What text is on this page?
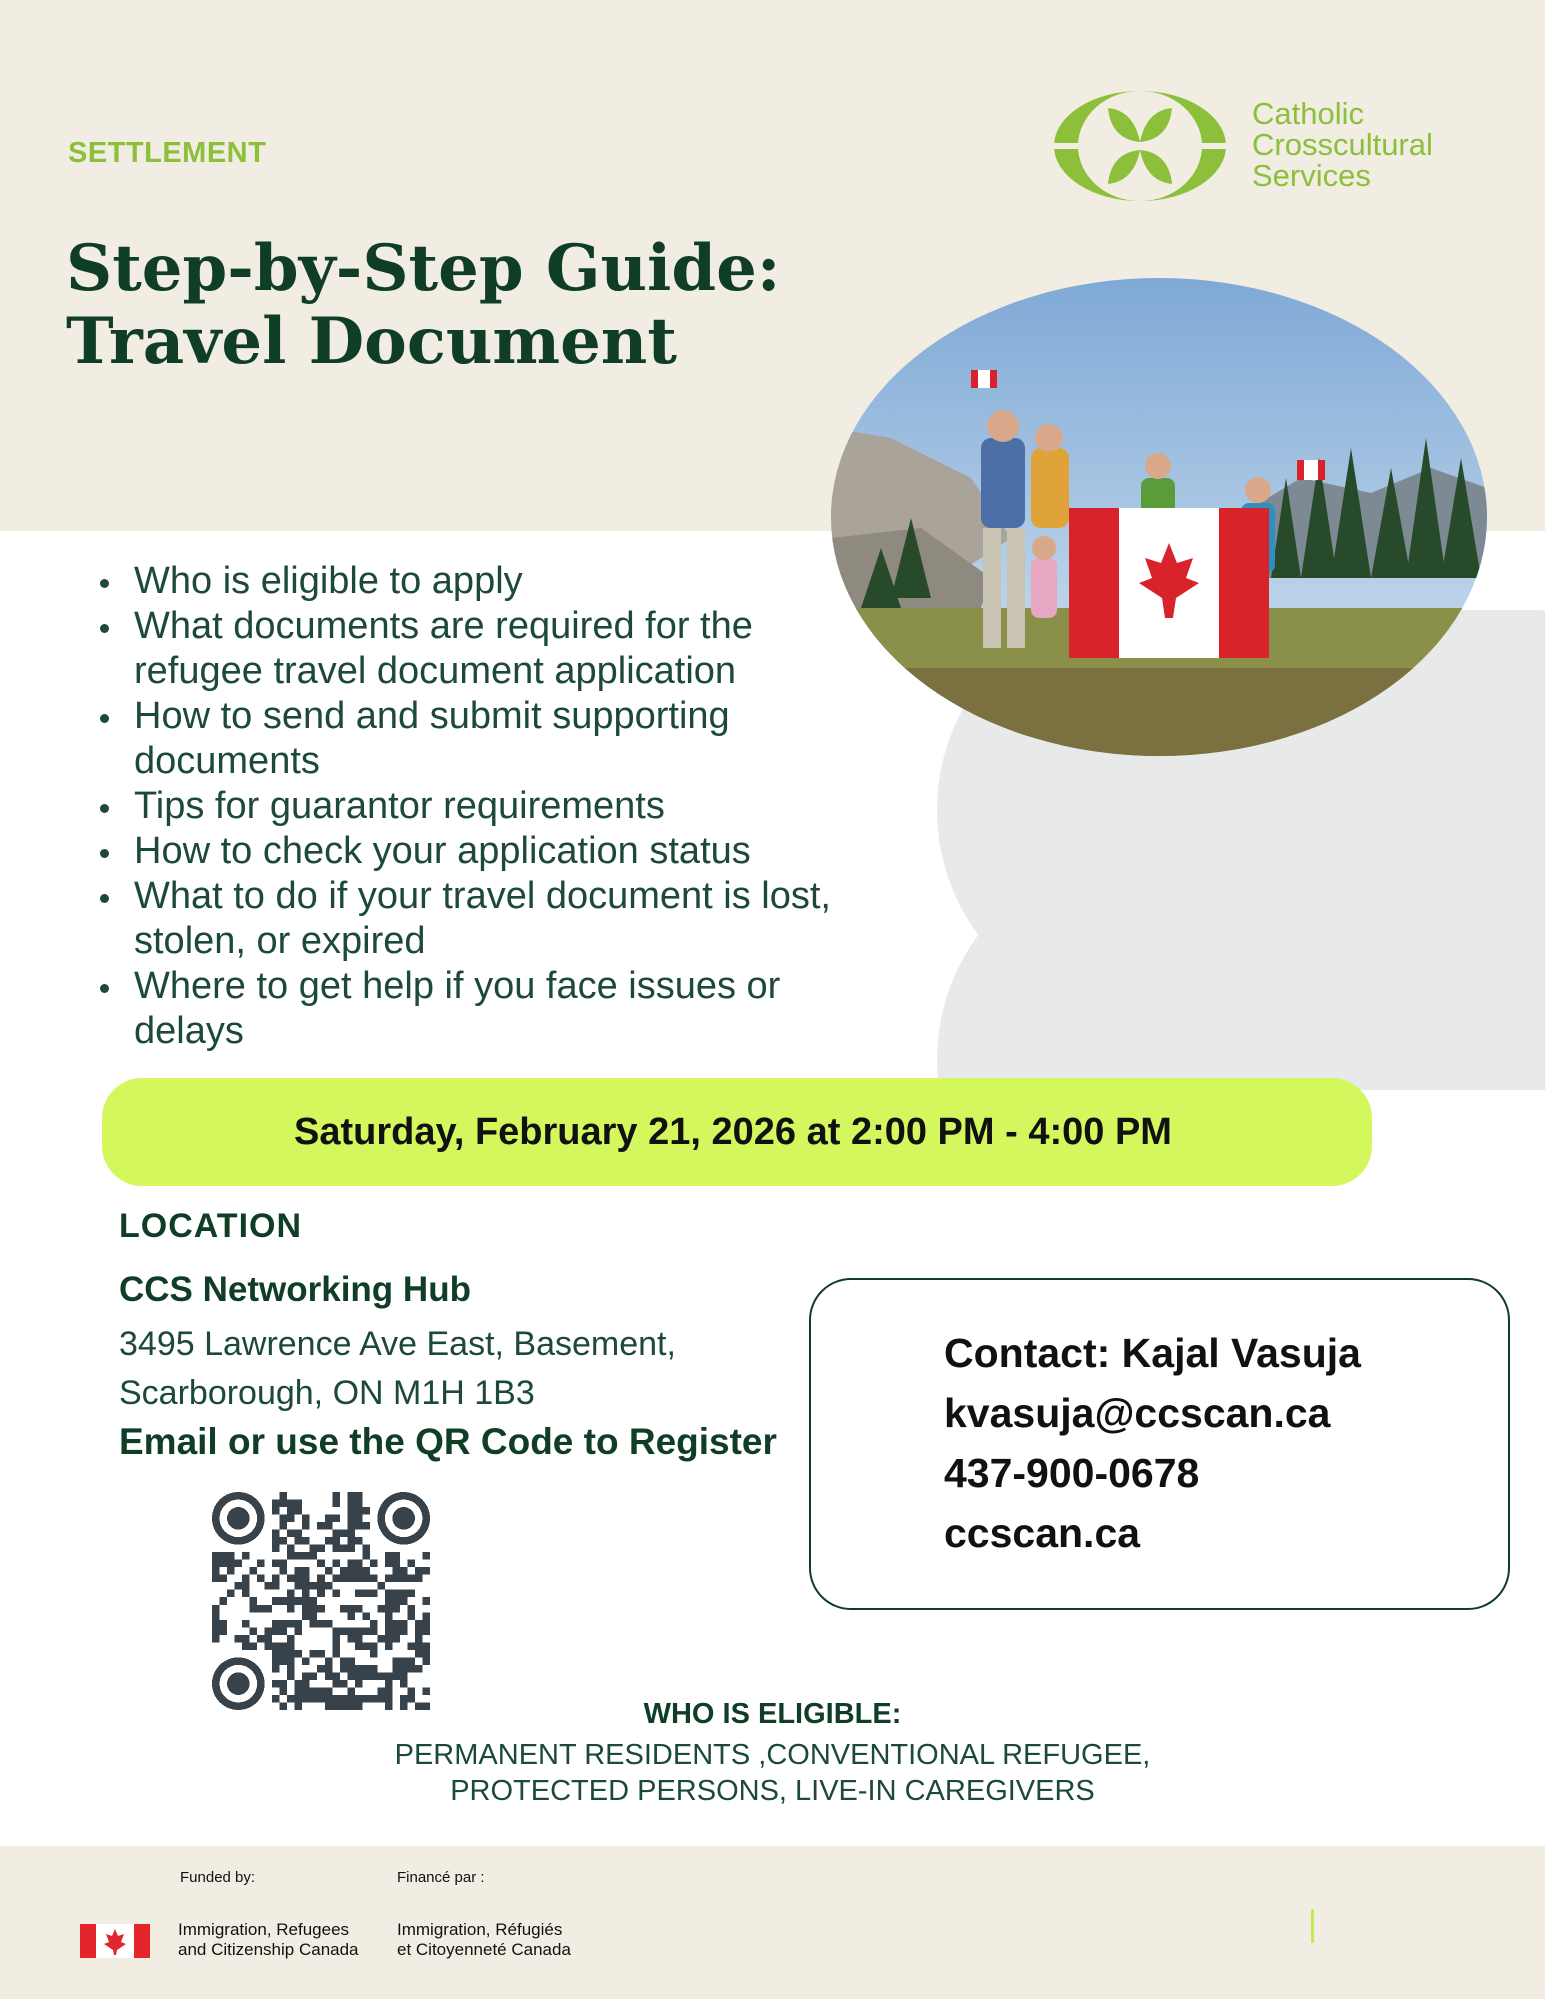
SETTLEMENT
Step-by-Step Guide:
Travel Document
Catholic
Crosscultural
Services
Who is eligible to apply
What documents are required for the refugee travel document application
How to send and submit supporting documents
Tips for guarantor requirements
How to check your application status
What to do if your travel document is lost, stolen, or expired
Where to get help if you face issues or delays
Saturday, February 21, 2026 at 2:00 PM - 4:00 PM
LOCATION
CCS Networking Hub
3495 Lawrence Ave East, Basement,
Scarborough, ON M1H 1B3
Email or use the QR Code to Register
Contact: Kajal Vasuja
kvasuja@ccscan.ca
437-900-0678
ccscan.ca
WHO IS ELIGIBLE:
PERMANENT RESIDENTS ,CONVENTIONAL REFUGEE,
PROTECTED PERSONS, LIVE-IN CAREGIVERS
Funded by:	Financé par :
Immigration, Refugees
and Citizenship Canada
Immigration, Réfugiés
et Citoyenneté Canada
